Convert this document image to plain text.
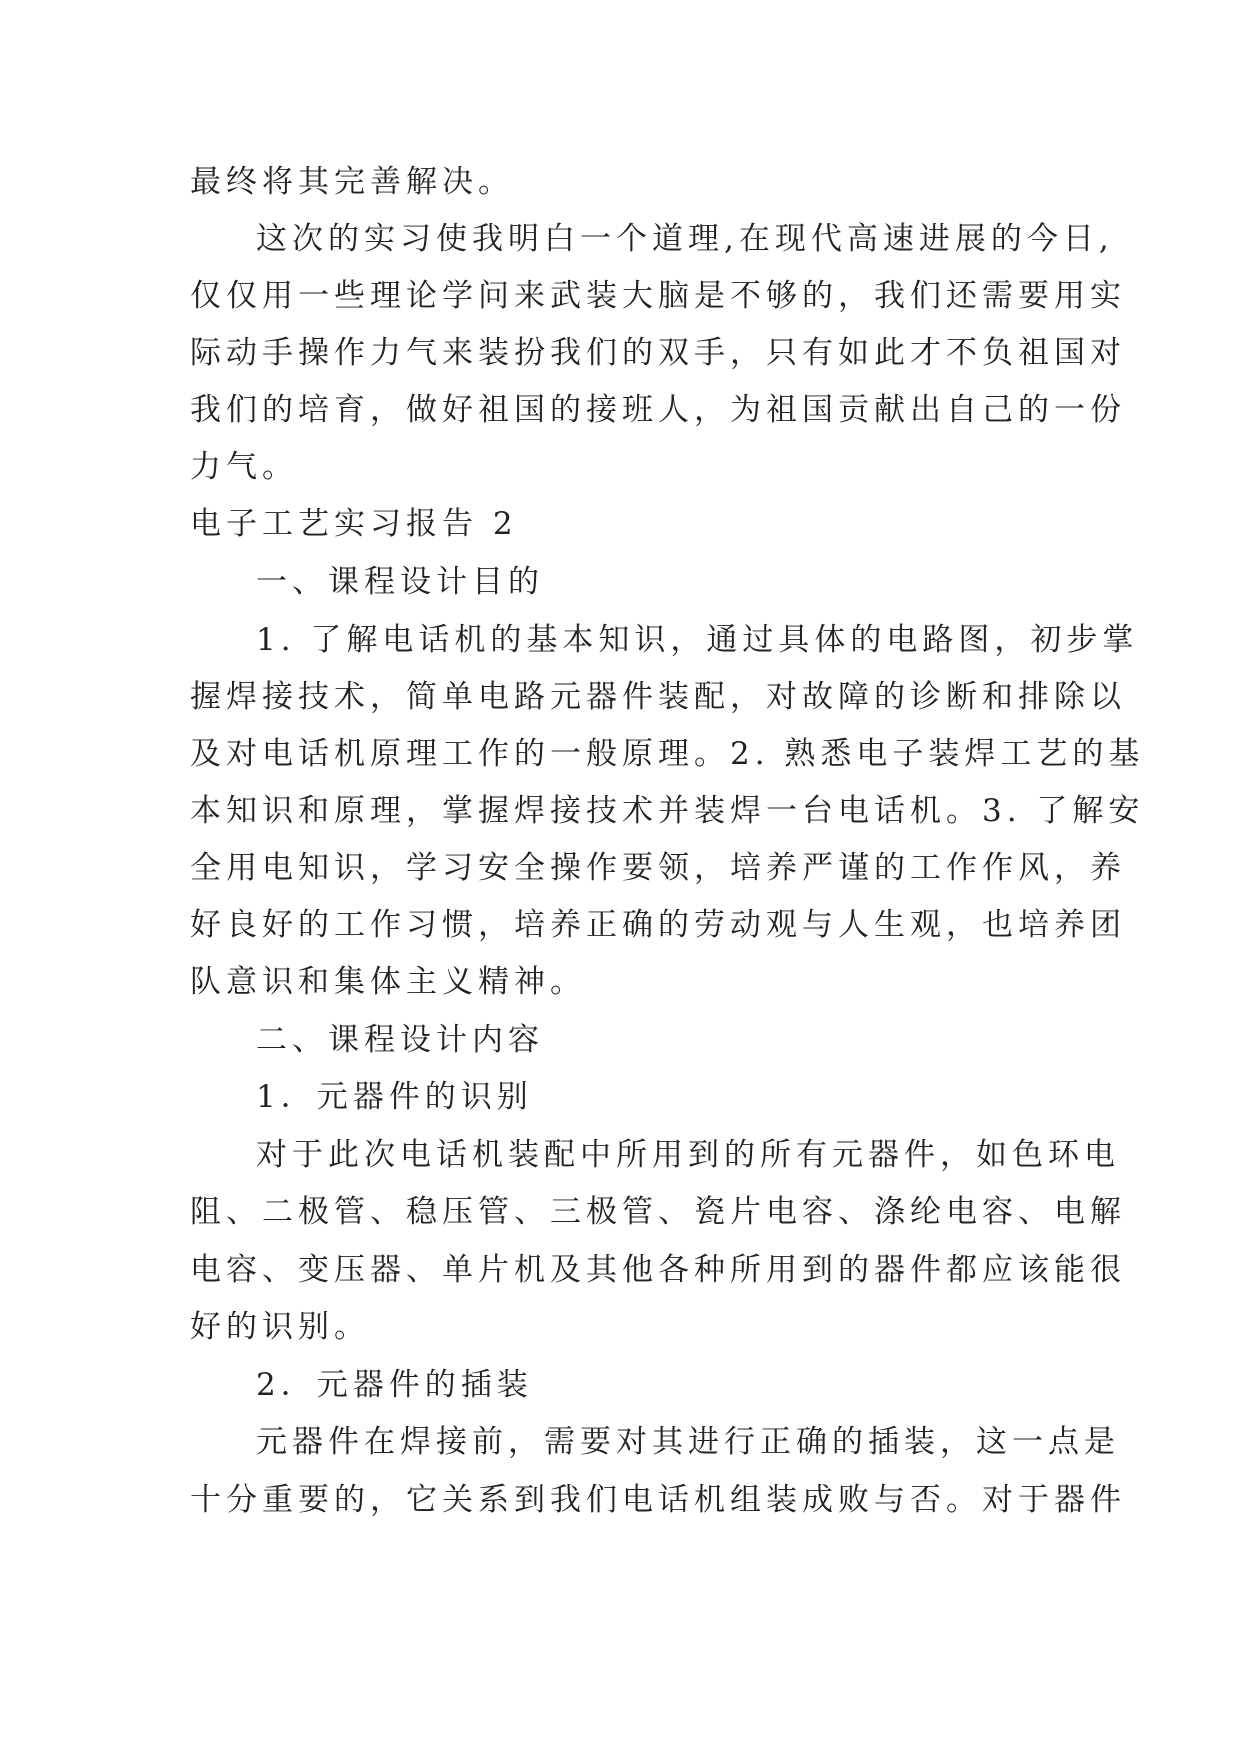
最终将其完善解决。
这次的实习使我明白一个道理,在现代高速进展的今日,
仅仅用一些理论学问来武装大脑是不够的，我们还需要用实
际动手操作力气来装扮我们的双手，只有如此才不负祖国对
我们的培育，做好祖国的接班人，为祖国贡献出自己的一份
力气。
电子工艺实习报告 2
一、课程设计目的
1. 了解电话机的基本知识，通过具体的电路图，初步掌
握焊接技术，简单电路元器件装配，对故障的诊断和排除以
及对电话机原理工作的一般原理。2. 熟悉电子装焊工艺的基
本知识和原理，掌握焊接技术并装焊一台电话机。3. 了解安
全用电知识，学习安全操作要领，培养严谨的工作作风，养
好良好的工作习惯，培养正确的劳动观与人生观，也培养团
队意识和集体主义精神。
二、课程设计内容
1．元器件的识别
对于此次电话机装配中所用到的所有元器件，如色环电
阻、二极管、稳压管、三极管、瓷片电容、涤纶电容、电解
电容、变压器、单片机及其他各种所用到的器件都应该能很
好的识别。
2．元器件的插装
元器件在焊接前，需要对其进行正确的插装，这一点是
十分重要的，它关系到我们电话机组装成败与否。对于器件
